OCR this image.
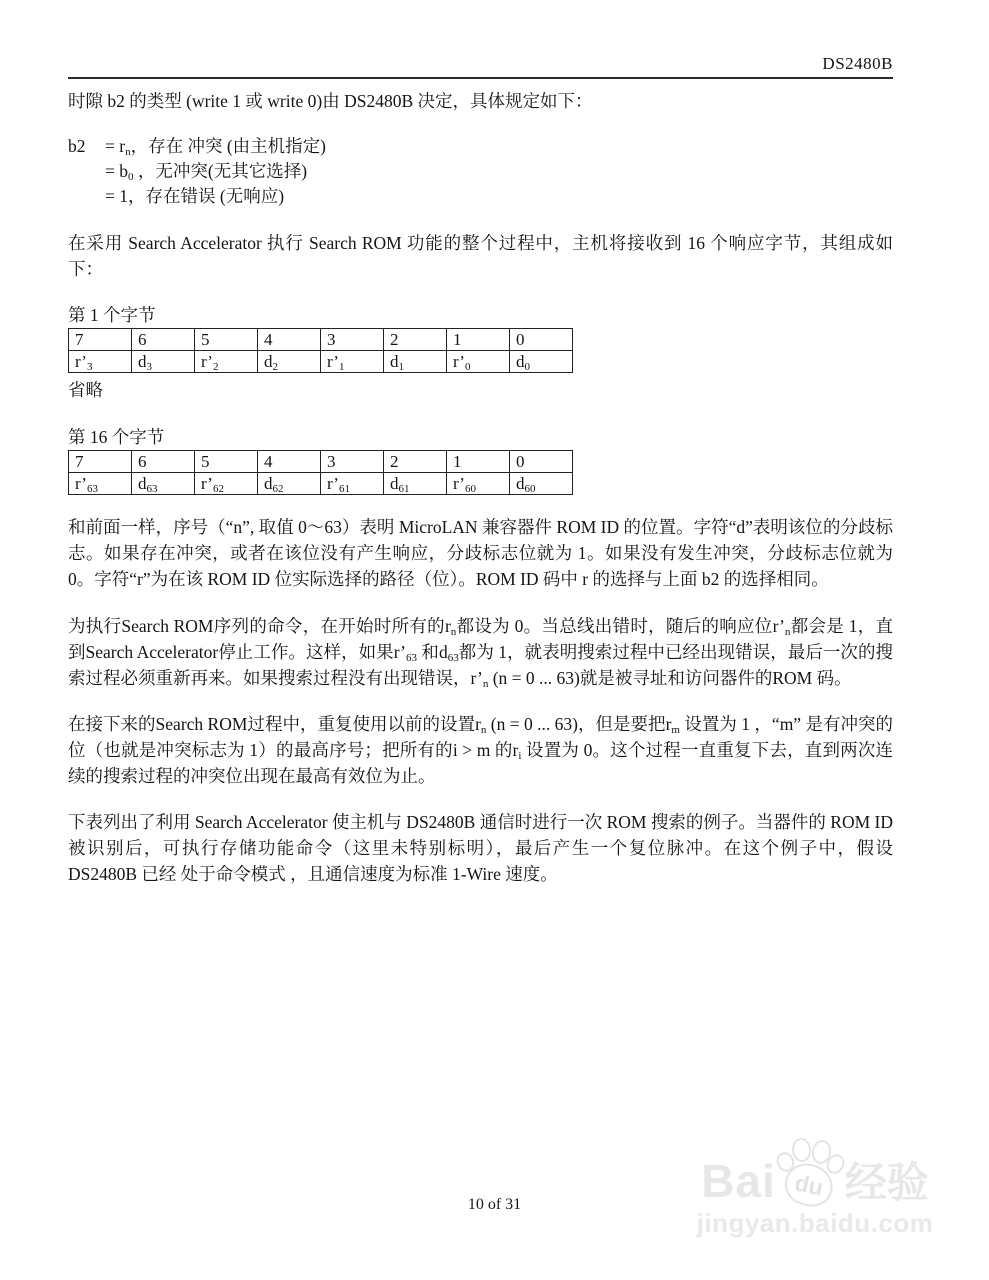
DS2480B

时隙 b2 的类型 (write 1 或 write 0)由 DS2480B 决定，具体规定如下：

$b2 = r_n$，存在 冲突 (由主机指定)
= $b_0$ ，无冲突(无其它选择)
= 1，存在错误 (无响应)

在采用 Search Accelerator 执行 Search ROM 功能的整个过程中，主机将接收到 16 个响应字节，其组成如下：

第 1 个字节
7	6	5	4	3	2	1	0
$r’_3$	$d_3$	$r’_2$	$d_2$	$r’_1$	$d_1$	$r’_0$	$d_0$
省略
第 16 个字节
7	6	5	4	3	2	1	0
$r’_{63}$	$d_{63}$	$r’_{62}$	$d_{62}$	$r’_{61}$	$d_{61}$	$r’_{60}$	$d_{60}$

和前面一样，序号（“n”, 取值 0～63）表明 MicroLAN 兼容器件 ROM ID 的位置。字符“d”表明该位的分歧标志。如果存在冲突，或者在该位没有产生响应，分歧标志位就为 1。如果没有发生冲突，分歧标志位就为 0。字符“r”为在该 ROM ID 位实际选择的路径（位）。ROM ID 码中 r 的选择与上面 b2 的选择相同。

为执行Search ROM序列的命令，在开始时所有的$r_n$都设为 0。当总线出错时，随后的响应位$r’_n$都会是 1，直到Search Accelerator停止工作。这样，如果$r’_{63}$ 和$d_{63}$都为 1，就表明搜索过程中已经出现错误，最后一次的搜索过程必须重新再来。如果搜索过程没有出现错误，$r’_n$ (n = 0 ... 63)就是被寻址和访问器件的ROM 码。

在接下来的Search ROM过程中，重复使用以前的设置$r_n$ (n = 0 ... 63)，但是要把$r_m$ 设置为 1 ，“m” 是有冲突的位（也就是冲突标志为 1）的最高序号；把所有的i > m 的$r_i$ 设置为 0。这个过程一直重复下去，直到两次连续的搜索过程的冲突位出现在最高有效位为止。

下表列出了利用 Search Accelerator 使主机与 DS2480B 通信时进行一次 ROM 搜索的例子。当器件的 ROM ID 被识别后，可执行存储功能命令（这里未特别标明），最后产生一个复位脉冲。在这个例子中，假设 DS2480B 已经 处于命令模式 ，且通信速度为标准 1-Wire 速度。

10 of 31	Bai du 经验
jingyan.baidu.com
